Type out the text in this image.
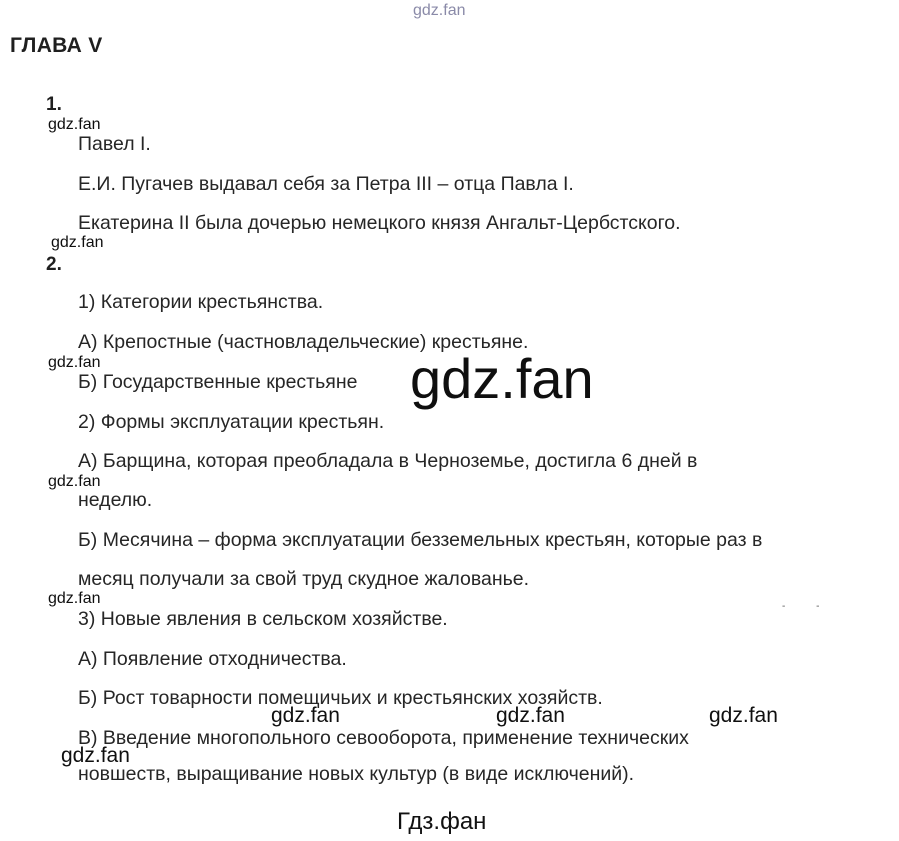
gdz.fan
ГЛАВА V
1.
gdz.fan
Павел I.
Е.И. Пугачев выдавал себя за Петра III – отца Павла I.
Екатерина II была дочерью немецкого князя Ангальт-Цербстского.
gdz.fan
2.
1) Категории крестьянства.
А) Крепостные (частновладельческие) крестьяне.
gdz.fan
Б) Государственные крестьяне gdz.fan
2) Формы эксплуатации крестьян.
А) Барщина, которая преобладала в Черноземье, достигла 6 дней в
gdz.fan
неделю.
Б) Месячина – форма эксплуатации безземельных крестьян, которые раз в
месяц получали за свой труд скудное жалованье.
gdz.fan	- -
3) Новые явления в сельском хозяйстве.
А) Появление отходничества.
Б) Рост товарности помещичьих и крестьянских хозяйств.
gdz.fan	gdz.fan	gdz.fan
В) Введение многопольного севооборота, применение технических
gdz.fan
новшеств, выращивание новых культур (в виде исключений).
Гдз.фан
